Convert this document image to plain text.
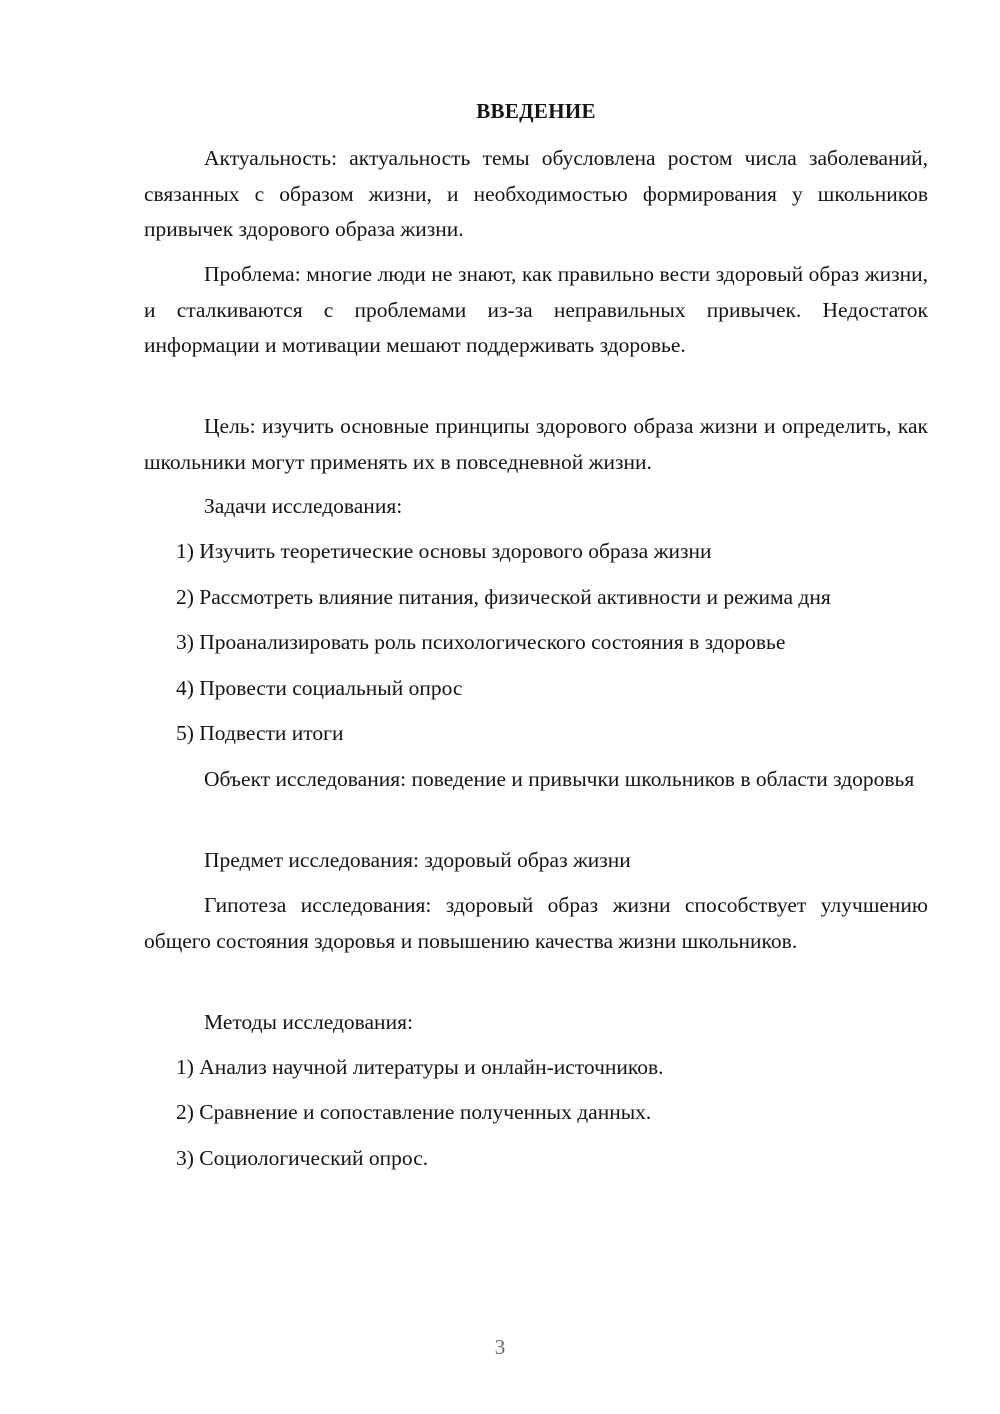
ВВЕДЕНИЕ

Актуальность: актуальность темы обусловлена ростом числа заболеваний, связанных с образом жизни, и необходимостью формирования у школьников привычек здорового образа жизни.

Проблема: многие люди не знают, как правильно вести здоровый образ жизни, и сталкиваются с проблемами из-за неправильных привычек. Недостаток информации и мотивации мешают поддерживать здоровье.

Цель: изучить основные принципы здорового образа жизни и определить, как школьники могут применять их в повседневной жизни.

Задачи исследования:

1) Изучить теоретические основы здорового образа жизни

2) Рассмотреть влияние питания, физической активности и режима дня

3) Проанализировать роль психологического состояния в здоровье

4) Провести социальный опрос

5) Подвести итоги

Объект исследования: поведение и привычки школьников в области здоровья

Предмет исследования: здоровый образ жизни

Гипотеза исследования: здоровый образ жизни способствует улучшению общего состояния здоровья и повышению качества жизни школьников.

Методы исследования:

1) Анализ научной литературы и онлайн-источников.

2) Сравнение и сопоставление полученных данных.

3) Социологический опрос.

3
